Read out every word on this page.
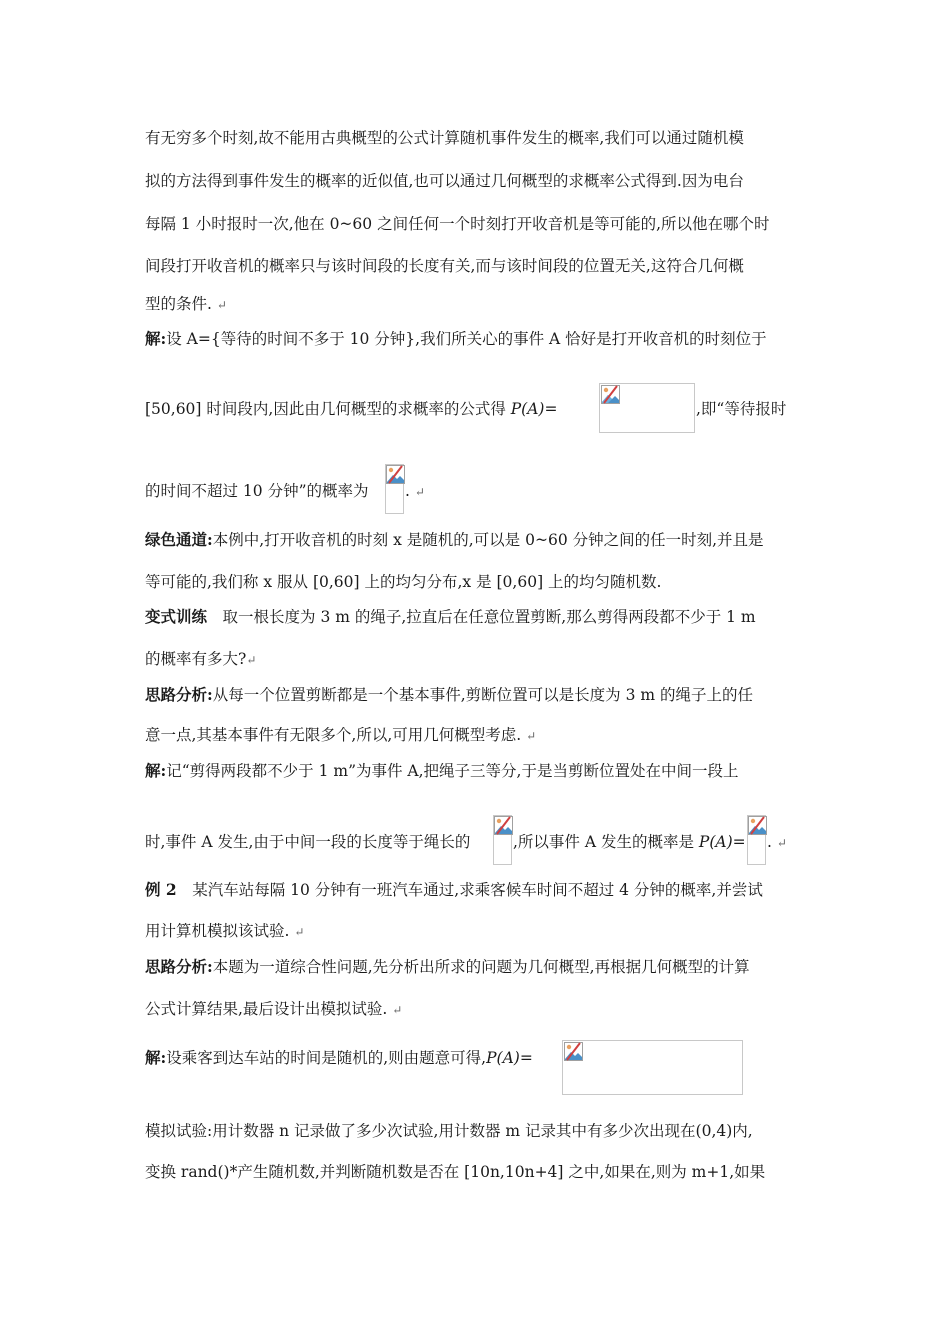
有无穷多个时刻,故不能用古典概型的公式计算随机事件发生的概率,我们可以通过随机模
拟的方法得到事件发生的概率的近似值,也可以通过几何概型的求概率公式得到.因为电台
每隔 1 小时报时一次,他在 0~60 之间任何一个时刻打开收音机是等可能的,所以他在哪个时
间段打开收音机的概率只与该时间段的长度有关,而与该时间段的位置无关,这符合几何概
型的条件. ↵
解:设 A={等待的时间不多于 10 分钟},我们所关心的事件 A 恰好是打开收音机的时刻位于
[50,60] 时间段内,因此由几何概型的求概率的公式得 P(A)=	,即“等待报时
的时间不超过 10 分钟”的概率为 . ↵
绿色通道:本例中,打开收音机的时刻 x 是随机的,可以是 0~60 分钟之间的任一时刻,并且是
等可能的,我们称 x 服从 [0,60] 上的均匀分布,x 是 [0,60] 上的均匀随机数.
变式训练　取一根长度为 3 m 的绳子,拉直后在任意位置剪断,那么剪得两段都不少于 1 m
的概率有多大?↵
思路分析:从每一个位置剪断都是一个基本事件,剪断位置可以是长度为 3 m 的绳子上的任
意一点,其基本事件有无限多个,所以,可用几何概型考虑. ↵
解:记“剪得两段都不少于 1 m”为事件 A,把绳子三等分,于是当剪断位置处在中间一段上
时,事件 A 发生,由于中间一段的长度等于绳长的	,所以事件 A 发生的概率是 P(A)= . ↵
例 2　某汽车站每隔 10 分钟有一班汽车通过,求乘客候车时间不超过 4 分钟的概率,并尝试
用计算机模拟该试验. ↵
思路分析:本题为一道综合性问题,先分析出所求的问题为几何概型,再根据几何概型的计算
公式计算结果,最后设计出模拟试验. ↵
解:设乘客到达车站的时间是随机的,则由题意可得,P(A)=
模拟试验:用计数器 n 记录做了多少次试验,用计数器 m 记录其中有多少次出现在(0,4)内,
变换 rand()*产生随机数,并判断随机数是否在 [10n,10n+4] 之中,如果在,则为 m+1,如果
